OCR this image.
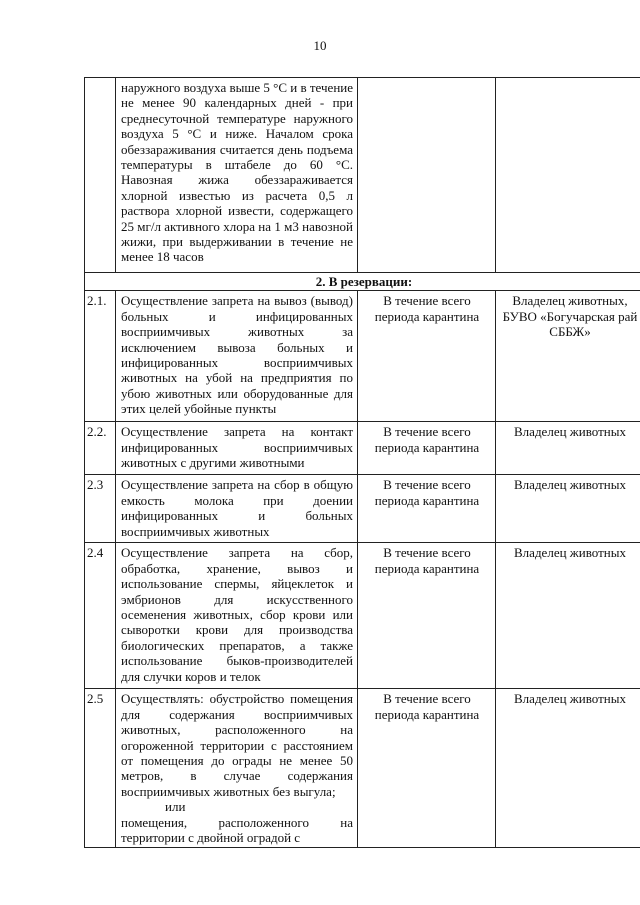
10
	наружного воздуха выше 5 °С и в течение не менее 90 календарных дней - при среднесуточной температуре наружного воздуха 5 °С и ниже. Началом срока обеззараживания считается день подъема температуры в штабеле до 60 °С. Навозная жижа обеззараживается хлорной известью из расчета 0,5 л раствора хлорной извести, содержащего 25 мг/л активного хлора на 1 м3 навозной жижи, при выдерживании в течение не менее 18 часов		
2. В резервации:			
2.1.	Осуществление запрета на вывоз (вывод) больных и инфицированных восприимчивых животных за исключением вывоза больных и инфицированных восприимчивых животных на убой на предприятия по убою животных или оборудованные для этих целей убойные пункты	В течение всего периода карантина	Владелец животных, БУВО «Богучарская рай СББЖ»
2.2.	Осуществление запрета на контакт инфицированных восприимчивых животных с другими животными	В течение всего периода карантина	Владелец животных
2.3	Осуществление запрета на сбор в общую емкость молока при доении инфицированных и больных восприимчивых животных	В течение всего периода карантина	Владелец животных
2.4	Осуществление запрета на сбор, обработка, хранение, вывоз и использование спермы, яйцеклеток и эмбрионов для искусственного осеменения животных, сбор крови или сыворотки крови для производства биологических препаратов, а также использование быков-производителей для случки коров и телок	В течение всего периода карантина	Владелец животных
2.5	Осуществлять: обустройство помещения для содержания восприимчивых животных, расположенного на огороженной территории с расстоянием от помещения до ограды не менее 50 метров, в случае содержания восприимчивых животных без выгула;
или
помещения, расположенного на территории с двойной оградой с	В течение всего периода карантина	Владелец животных
